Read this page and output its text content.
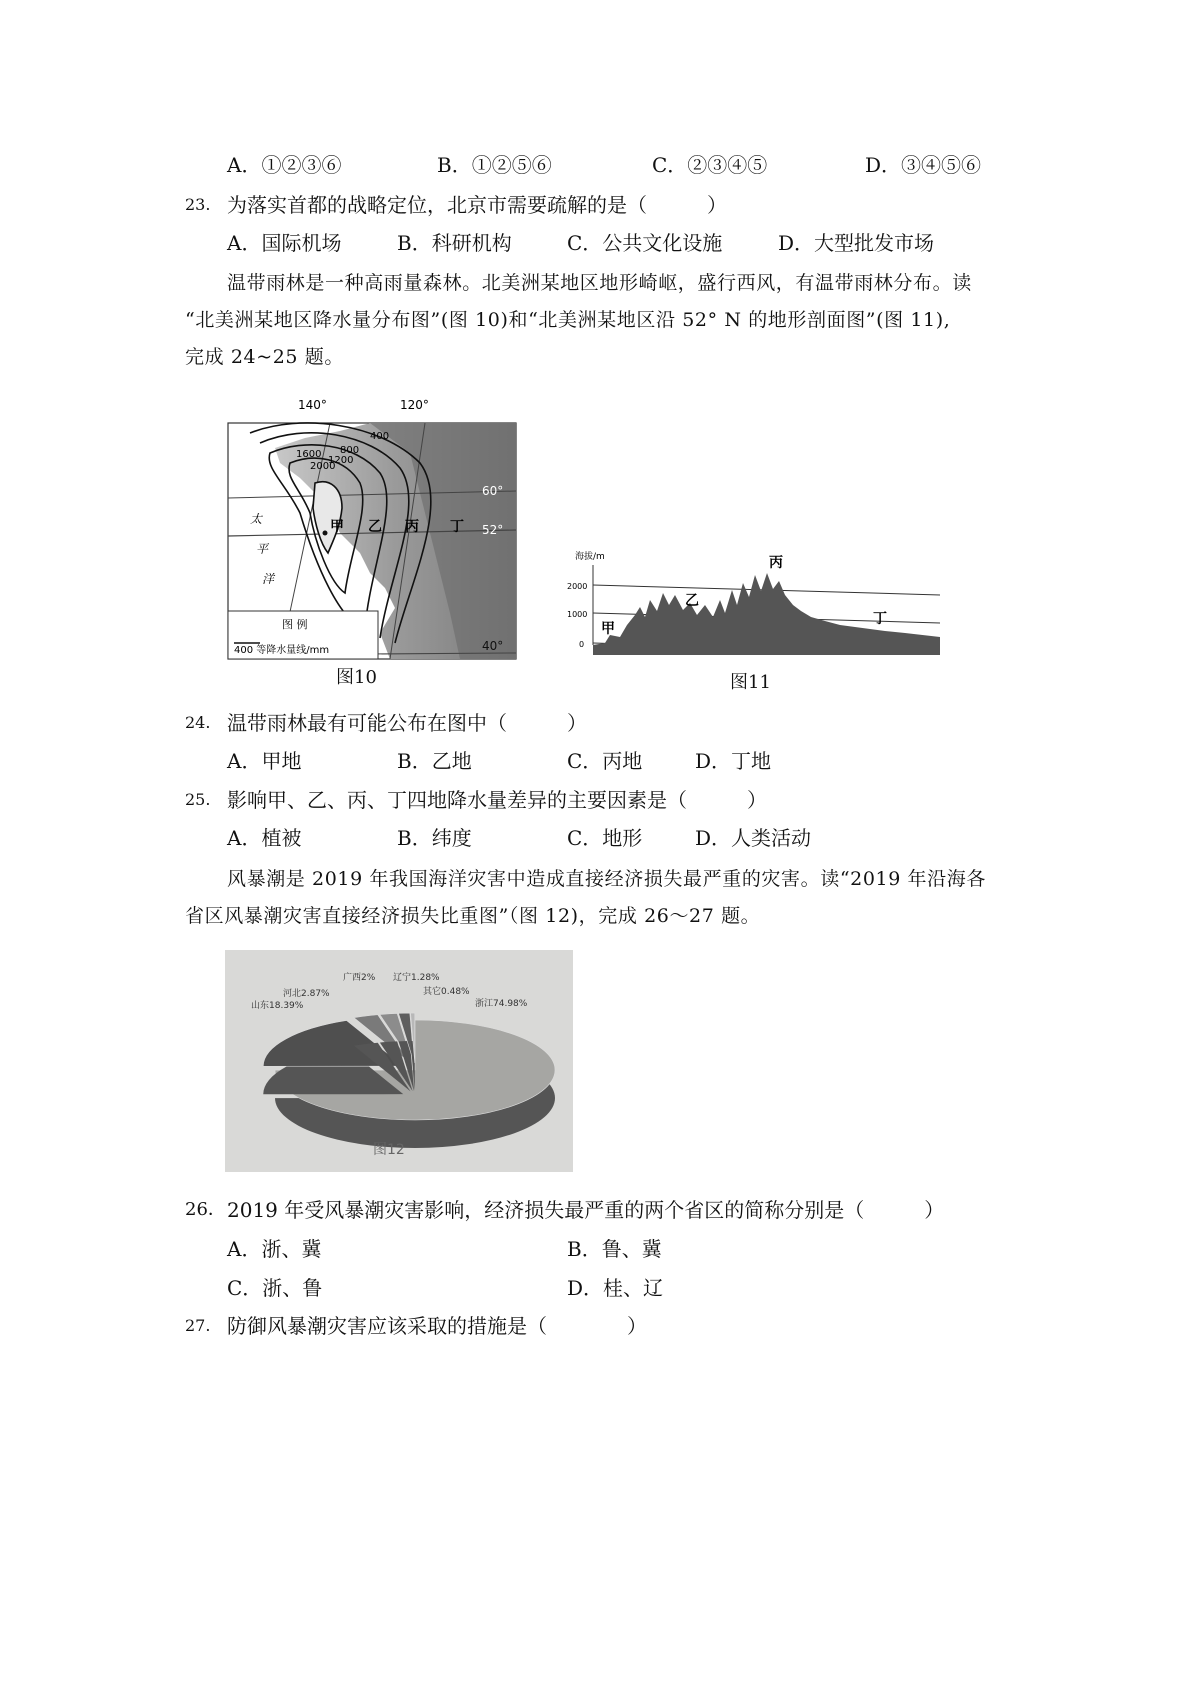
A．①②③⑥	B．①②⑤⑥	C．②③④⑤	D．③④⑤⑥
23. 为落实首都的战略定位，北京市需要疏解的是（　　　）
A．国际机场	B．科研机构	C．公共文化设施	D．大型批发市场
温带雨林是一种高雨量森林。北美洲某地区地形崎岖，盛行西风，有温带雨林分布。读
“北美洲某地区降水量分布图”(图 10)和“北美洲某地区沿 52° N 的地形剖面图”(图 11),
完成 24~25 题。
140°	120°
60°
52°
40°
400
800
1200
1600
2000
甲 乙 丙 丁
太
平
洋
图 例
400 等降水量线/mm
图10
海拔/m
2000
1000
0
甲
乙
丙
丁
图11
24. 温带雨林最有可能公布在图中（　　　）
A．甲地	B．乙地	C．丙地	D．丁地
25. 影响甲、乙、丙、丁四地降水量差异的主要因素是（　　　）
A．植被	B．纬度	C．地形	D．人类活动
风暴潮是 2019 年我国海洋灾害中造成直接经济损失最严重的灾害。读“2019 年沿海各
省区风暴潮灾害直接经济损失比重图”（图 12)，完成 26～27 题。
浙江74.98%
山东18.39%
河北2.87%
广西2% 辽宁1.28%
其它0.48%
图12
26． 2019 年受风暴潮灾害影响，经济损失最严重的两个省区的简称分别是（　　　）
A．浙、冀	B．鲁、冀
C．浙、鲁	D．桂、辽
27. 防御风暴潮灾害应该采取的措施是（　　　　）
